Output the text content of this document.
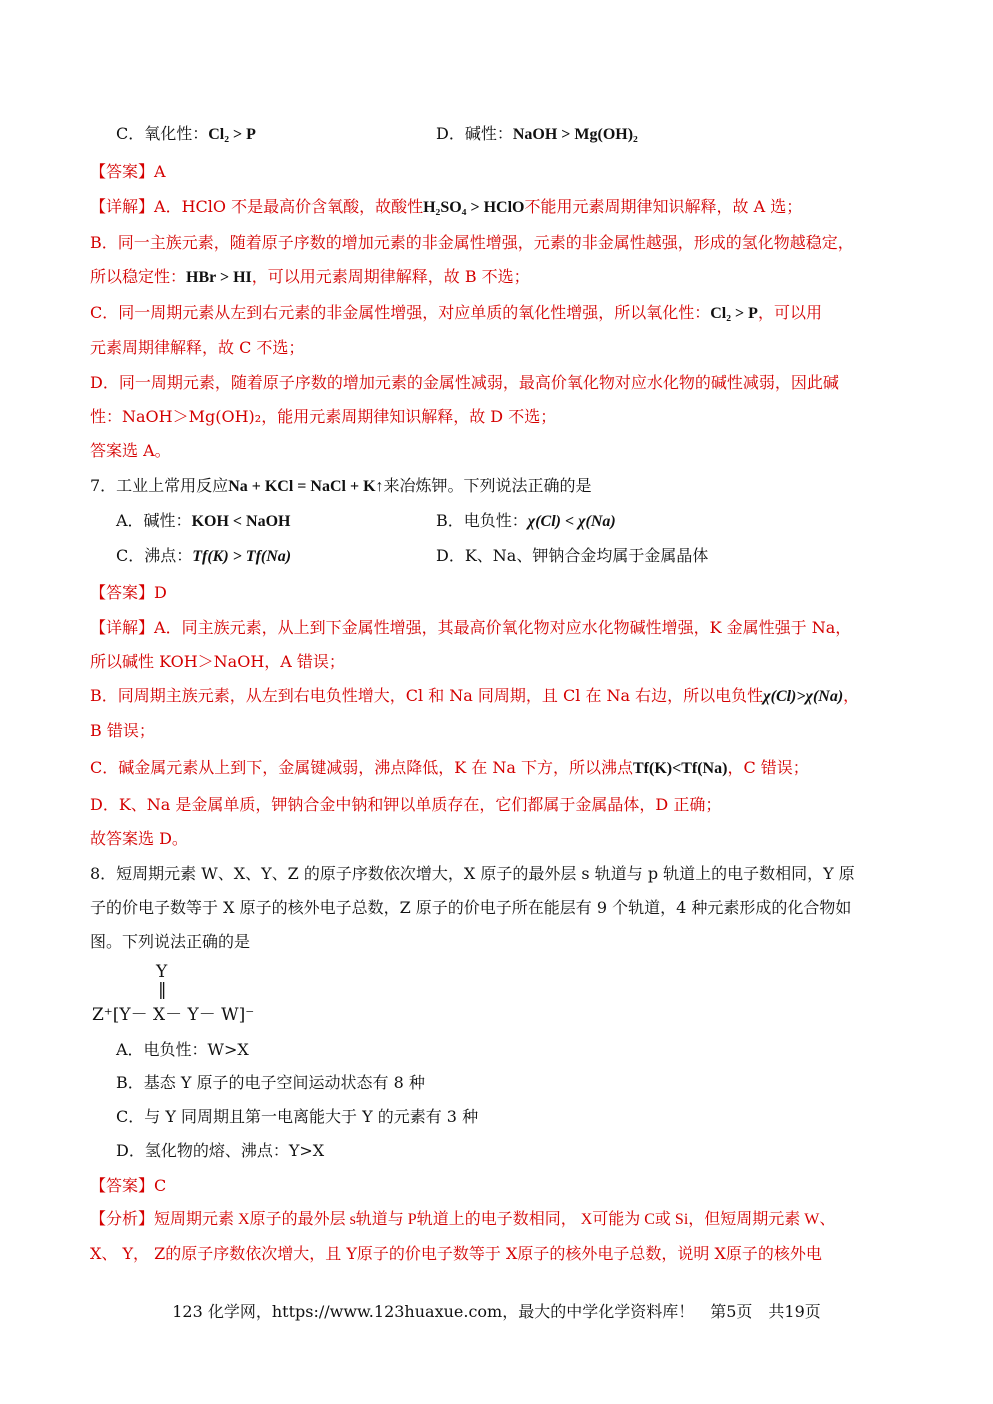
C．氧化性：Cl₂ > P	D．碱性：NaOH > Mg(OH)₂
【答案】A
【详解】A．HClO 不是最高价含氧酸，故酸性H₂SO₄ > HClO不能用元素周期律知识解释，故 A 选；
B．同一主族元素，随着原子序数的增加元素的非金属性增强，元素的非金属性越强，形成的氢化物越稳定，
所以稳定性：HBr > HI，可以用元素周期律解释，故 B 不选；
C．同一周期元素从左到右元素的非金属性增强，对应单质的氧化性增强，所以氧化性：Cl₂ > P，可以用
元素周期律解释，故 C 不选；
D．同一周期元素，随着原子序数的增加元素的金属性减弱，最高价氧化物对应水化物的碱性减弱，因此碱
性：NaOH＞Mg(OH)₂，能用元素周期律知识解释，故 D 不选；
答案选 A。
7．工业上常用反应Na + KCl = NaCl + K↑来冶炼钾。下列说法正确的是
A．碱性：KOH < NaOH	B．电负性：χ(Cl) < χ(Na)
C．沸点：Tf(K) > Tf(Na)	D．K、Na、钾钠合金均属于金属晶体
【答案】D
【详解】A．同主族元素，从上到下金属性增强，其最高价氧化物对应水化物碱性增强，K 金属性强于 Na，
所以碱性 KOH＞NaOH，A 错误；
B．同周期主族元素，从左到右电负性增大，Cl 和 Na 同周期，且 Cl 在 Na 右边，所以电负性χ(Cl)>χ(Na)，
B 错误；
C．碱金属元素从上到下，金属键减弱，沸点降低，K 在 Na 下方，所以沸点Tf(K)<Tf(Na)，C 错误；
D．K、Na 是金属单质，钾钠合金中钠和钾以单质存在，它们都属于金属晶体，D 正确；
故答案选 D。
8．短周期元素 W、X、Y、Z 的原子序数依次增大，X 原子的最外层 s 轨道与 p 轨道上的电子数相同，Y 原
子的价电子数等于 X 原子的核外电子总数，Z 原子的价电子所在能层有 9 个轨道，4 种元素形成的化合物如
图。下列说法正确的是
Y
‖
Z⁺[Y－ X－ Y－ W]⁻
A．电负性：W>X
B．基态 Y 原子的电子空间运动状态有 8 种
C．与 Y 同周期且第一电离能大于 Y 的元素有 3 种
D．氢化物的熔、沸点：Y>X
【答案】C
【分析】短周期元素 X原子的最外层 s轨道与 P轨道上的电子数相同， X可能为 C或 Si，但短周期元素 W、
X、 Y， Z的原子序数依次增大，且 Y原子的价电子数等于 X原子的核外电子总数，说明 X原子的核外电
123 化学网，https://www.123huaxue.com，最大的中学化学资料库！　第5页　共19页
